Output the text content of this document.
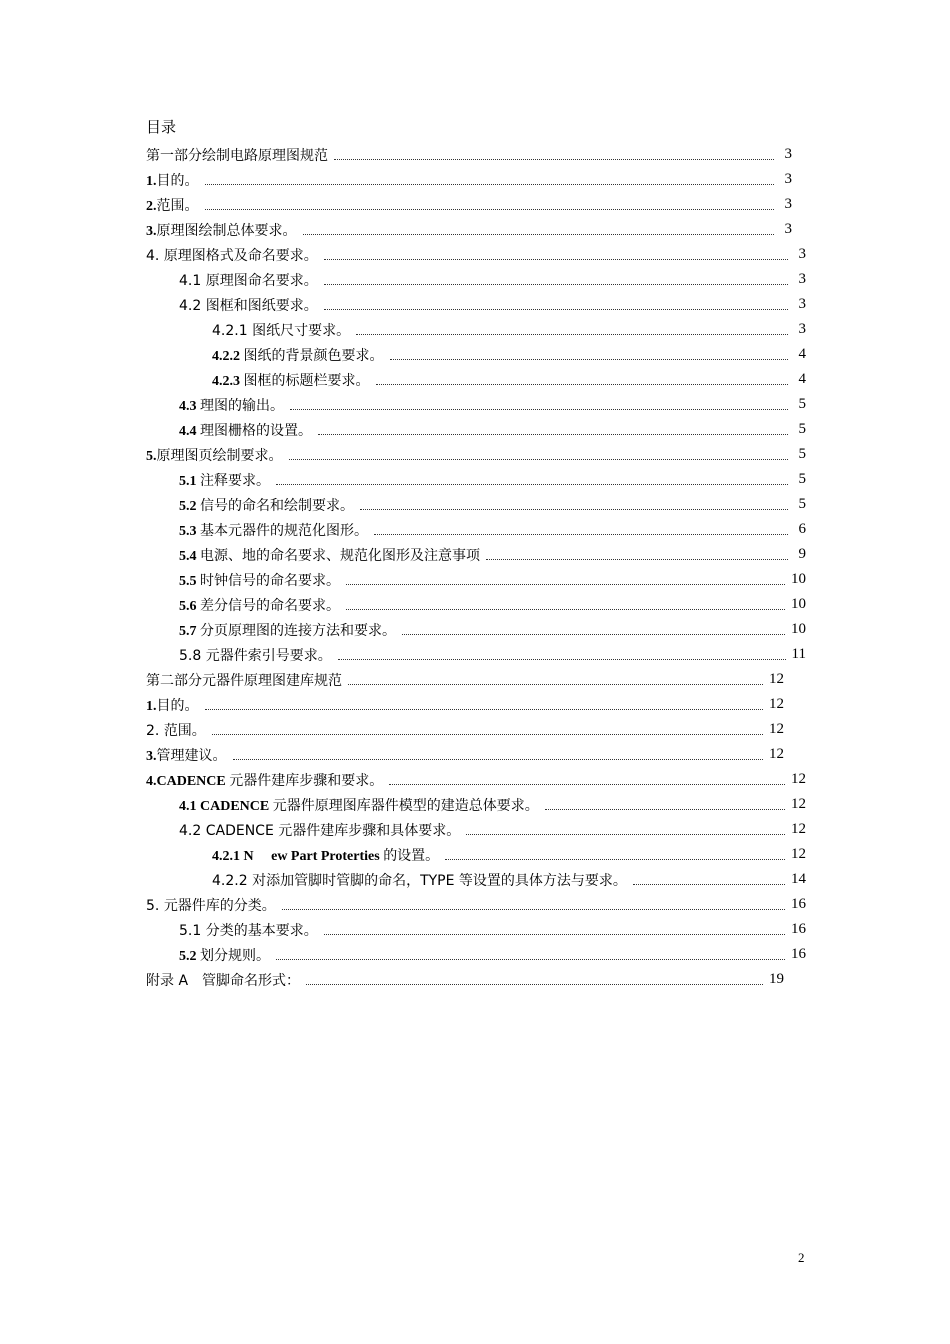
目录
第一部分绘制电路原理图规范	3
1.目的。	3
2.范围。	3
3.原理图绘制总体要求。	3
4. 原理图格式及命名要求。	3
4.1 原理图命名要求。	3
4.2 图框和图纸要求。	3
4.2.1 图纸尺寸要求。	3
4.2.2 图纸的背景颜色要求。	4
4.2.3 图框的标题栏要求。	4
4.3 理图的输出。	5
4.4 理图栅格的设置。	5
5.原理图页绘制要求。	5
5.1 注释要求。	5
5.2 信号的命名和绘制要求。	5
5.3 基本元器件的规范化图形。	6
5.4 电源、地的命名要求、规范化图形及注意事项	9
5.5 时钟信号的命名要求。	10
5.6 差分信号的命名要求。	10
5.7 分页原理图的连接方法和要求。	10
5.8 元器件索引号要求。	11
第二部分元器件原理图建库规范	12
1.目的。	12
2. 范围。	12
3.管理建议。	12
4.CADENCE 元器件建库步骤和要求。	12
4.1 CADENCE 元器件原理图库器件模型的建造总体要求。	12
4.2 CADENCE 元器件建库步骤和具体要求。	12
4.2.1 N　 ew Part Proterties 的设置。	12
4.2.2 对添加管脚时管脚的命名，TYPE 等设置的具体方法与要求。	14
5. 元器件库的分类。	16
5.1 分类的基本要求。	16
5.2 划分规则。	16
附录 A　管脚命名形式：	19
2
